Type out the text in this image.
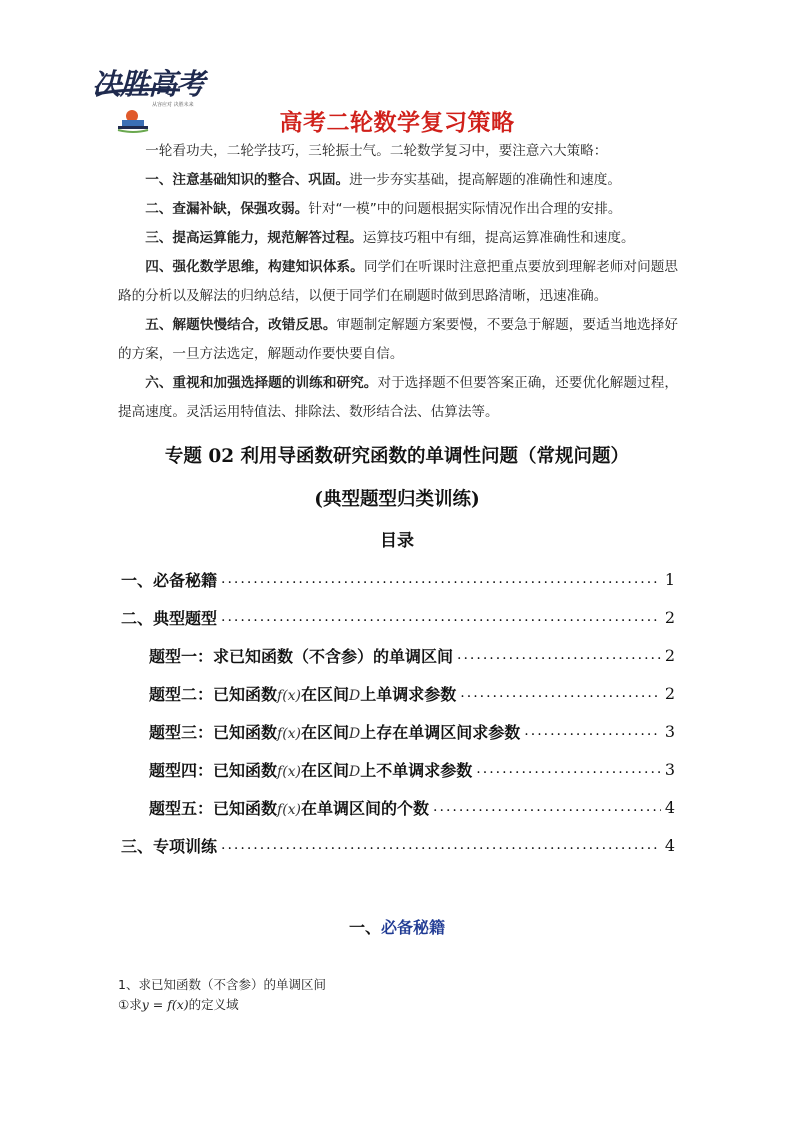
决胜高考
从容应对 决胜未来
高考二轮数学复习策略

一轮看功夫，二轮学技巧，三轮振士气。二轮数学复习中，要注意六大策略：

一、注意基础知识的整合、巩固。进一步夯实基础，提高解题的准确性和速度。

二、查漏补缺，保强攻弱。针对“一模”中的问题根据实际情况作出合理的安排。

三、提高运算能力，规范解答过程。运算技巧粗中有细，提高运算准确性和速度。

四、强化数学思维，构建知识体系。同学们在听课时注意把重点要放到理解老师对问题思路的分析以及解法的归纳总结，以便于同学们在刷题时做到思路清晰，迅速准确。

五、解题快慢结合，改错反思。审题制定解题方案要慢，不要急于解题，要适当地选择好的方案，一旦方法选定，解题动作要快要自信。

六、重视和加强选择题的训练和研究。对于选择题不但要答案正确，还要优化解题过程，提高速度。灵活运用特值法、排除法、数形结合法、估算法等。

专题 02 利用导函数研究函数的单调性问题（常规问题）
(典型题型归类训练)
目录
一、必备秘籍 .....	1
二、典型题型 .....	2
题型一：求已知函数（不含参）的单调区间 .....	2
题型二：已知函数f(x)在区间D上单调求参数 .....	2
题型三：已知函数f(x)在区间D上存在单调区间求参数 .....	3
题型四：已知函数f(x)在区间D上不单调求参数 .....	3
题型五：已知函数f(x)在单调区间的个数 .....	4
三、专项训练 .....	4
一、必备秘籍
1、求已知函数（不含参）的单调区间
①求y = f(x)的定义域
